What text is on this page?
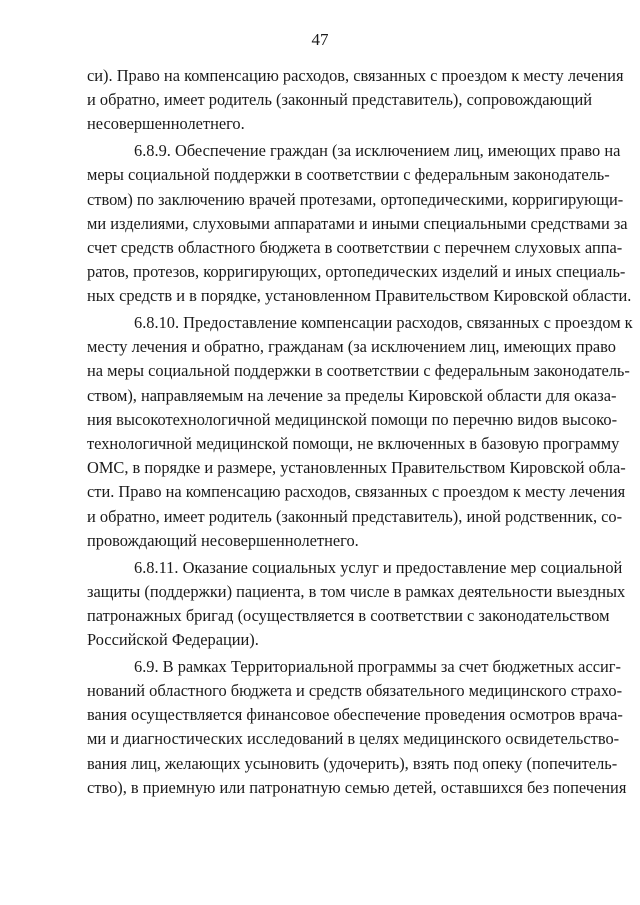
47
си). Право на компенсацию расходов, связанных с проездом к месту лечения
и обратно, имеет родитель (законный представитель), сопровождающий
несовершеннолетнего.
6.8.9. Обеспечение граждан (за исключением лиц, имеющих право на
меры социальной поддержки в соответствии с федеральным законодатель-
ством) по заключению врачей протезами, ортопедическими, корригирующи-
ми изделиями, слуховыми аппаратами и иными специальными средствами за
счет средств областного бюджета в соответствии с перечнем слуховых аппа-
ратов, протезов, корригирующих, ортопедических изделий и иных специаль-
ных средств и в порядке, установленном Правительством Кировской области.
6.8.10. Предоставление компенсации расходов, связанных с проездом к
месту лечения и обратно, гражданам (за исключением лиц, имеющих право
на меры социальной поддержки в соответствии с федеральным законодатель-
ством), направляемым на лечение за пределы Кировской области для оказа-
ния высокотехнологичной медицинской помощи по перечню видов высоко-
технологичной медицинской помощи, не включенных в базовую программу
ОМС, в порядке и размере, установленных Правительством Кировской обла-
сти. Право на компенсацию расходов, связанных с проездом к месту лечения
и обратно, имеет родитель (законный представитель), иной родственник, со-
провождающий несовершеннолетнего.
6.8.11. Оказание социальных услуг и предоставление мер социальной
защиты (поддержки) пациента, в том числе в рамках деятельности выездных
патронажных бригад (осуществляется в соответствии с законодательством
Российской Федерации).
6.9. В рамках Территориальной программы за счет бюджетных ассиг-
нований областного бюджета и средств обязательного медицинского страхо-
вания осуществляется финансовое обеспечение проведения осмотров врача-
ми и диагностических исследований в целях медицинского освидетельство-
вания лиц, желающих усыновить (удочерить), взять под опеку (попечитель-
ство), в приемную или патронатную семью детей, оставшихся без попечения
